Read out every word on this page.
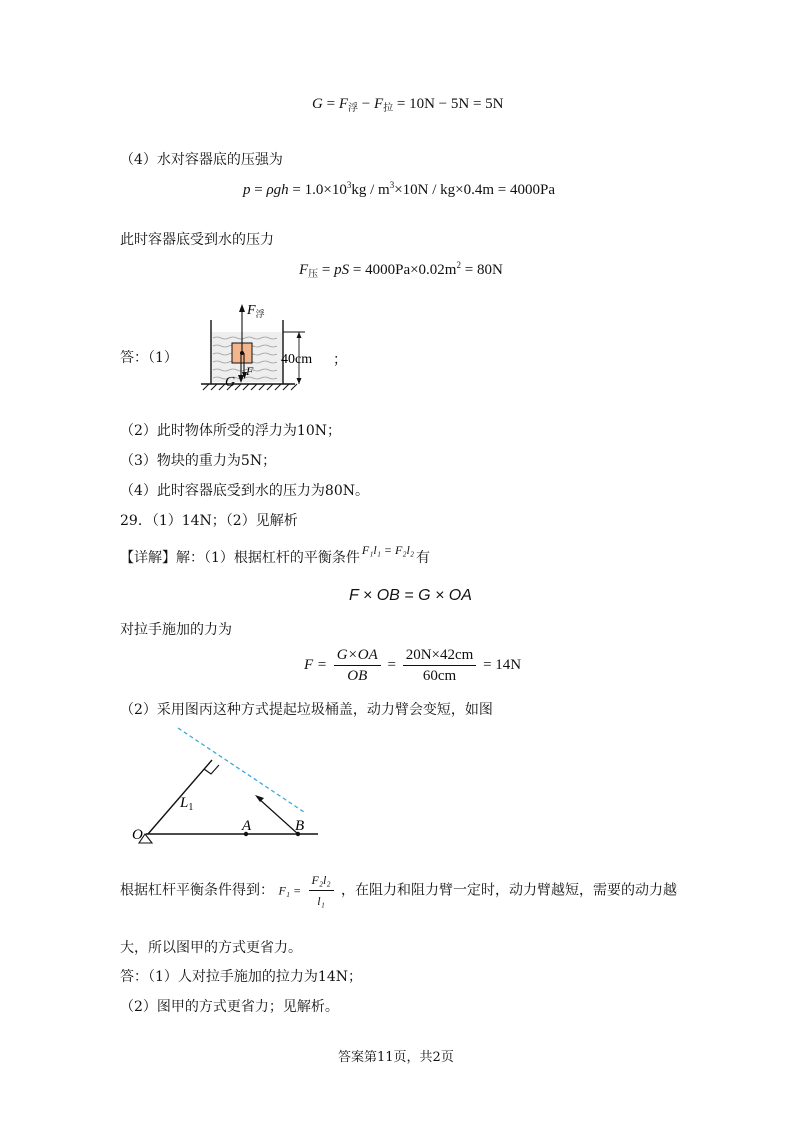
$G = F_浮 - F_拉 = 10N - 5N = 5N$
（4）水对容器底的压强为
$p = \rho gh = 1.0\times 10^3kg / m^3\times 10N / kg\times 0.4m = 4000Pa$
此时容器底受到水的压力
$F_压$ = pS = $4000Pa\times 0.02m^2 = 80N$
答：（1）
$F_浮$
G
F
40cm ；
（2）此时物体所受的浮力为10N；
（3）物块的重力为5N；
（4）此时容器底受到水的压力为80N。
29．（1）14N；（2）见解析
【详解】解：（1）根据杠杆的平衡条件 F₁l₁ = F₂l₂ 有
F × OB = G × OA
对拉手施加的力为
$F = \frac{G\times OA}{OB} = \frac{20N\times 42cm}{60cm} = 14N$
（2）采用图丙这种方式提起垃圾桶盖，动力臂会变短，如图
O
A	B
$L_1$
根据杠杆平衡条件得到： $F_1 = \frac{\text{F₂l₂}}{\text{l₁}}$ ，在阻力和阻力臂一定时，动力臂越短，需要的动力越
大，所以图甲的方式更省力。
答：（1）人对拉手施加的拉力为14N；
（2）图甲的方式更省力；见解析。
答案第11页，共2页
